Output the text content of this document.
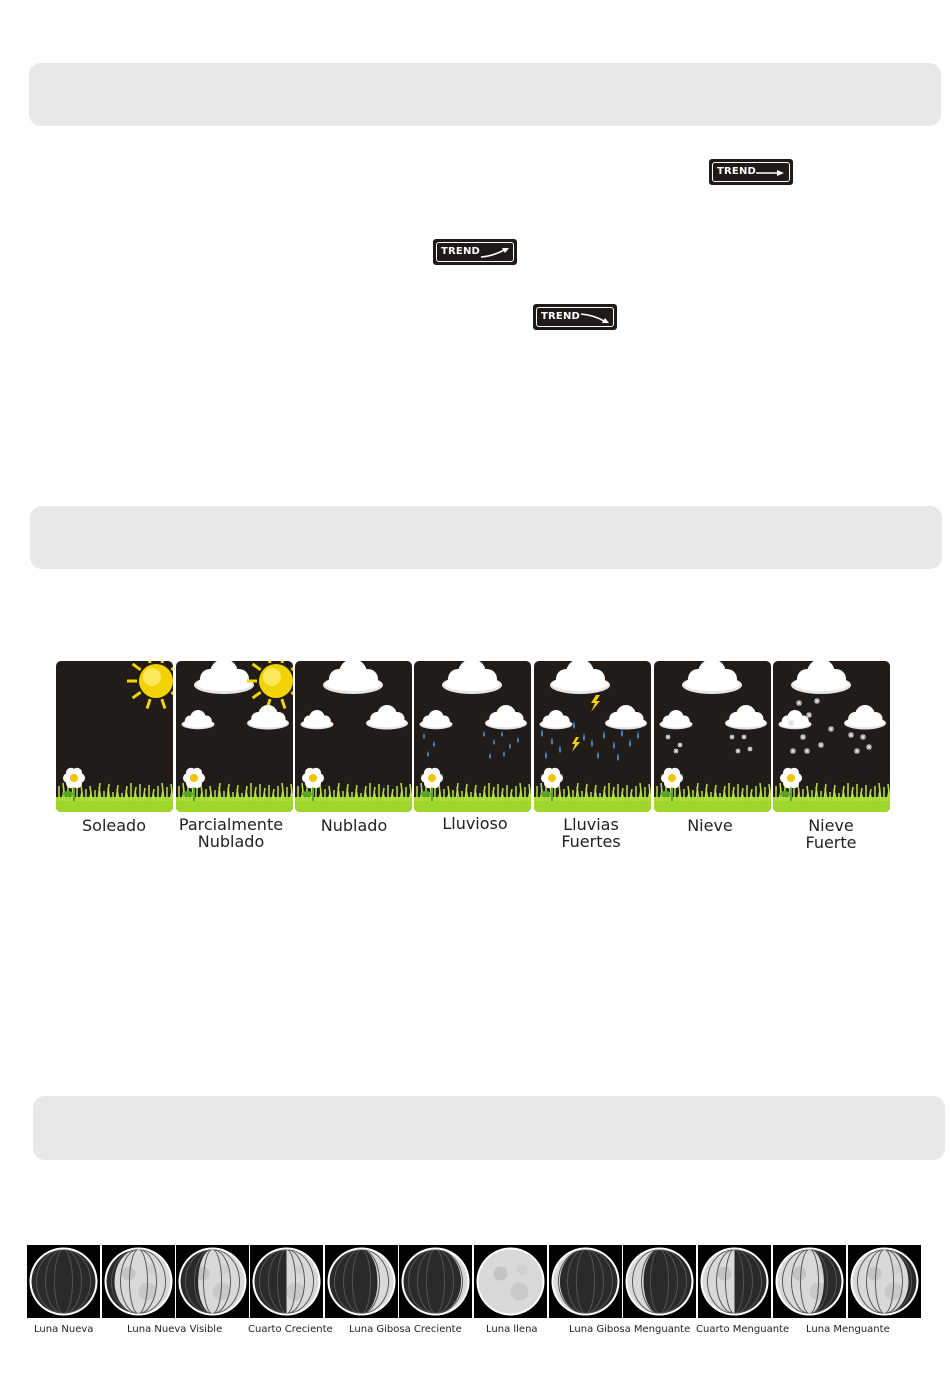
TREND
TREND
TREND
Soleado	Parcialmente
Nublado
Nublado	Lluvioso	Lluvias
Fuertes
Nieve	Nieve
Fuerte
Luna Nueva	Luna Nueva Visible	Cuarto Creciente Luna Gibosa Creciente Luna llena	Luna Gibosa Menguante Cuarto Menguante Luna Menguante
